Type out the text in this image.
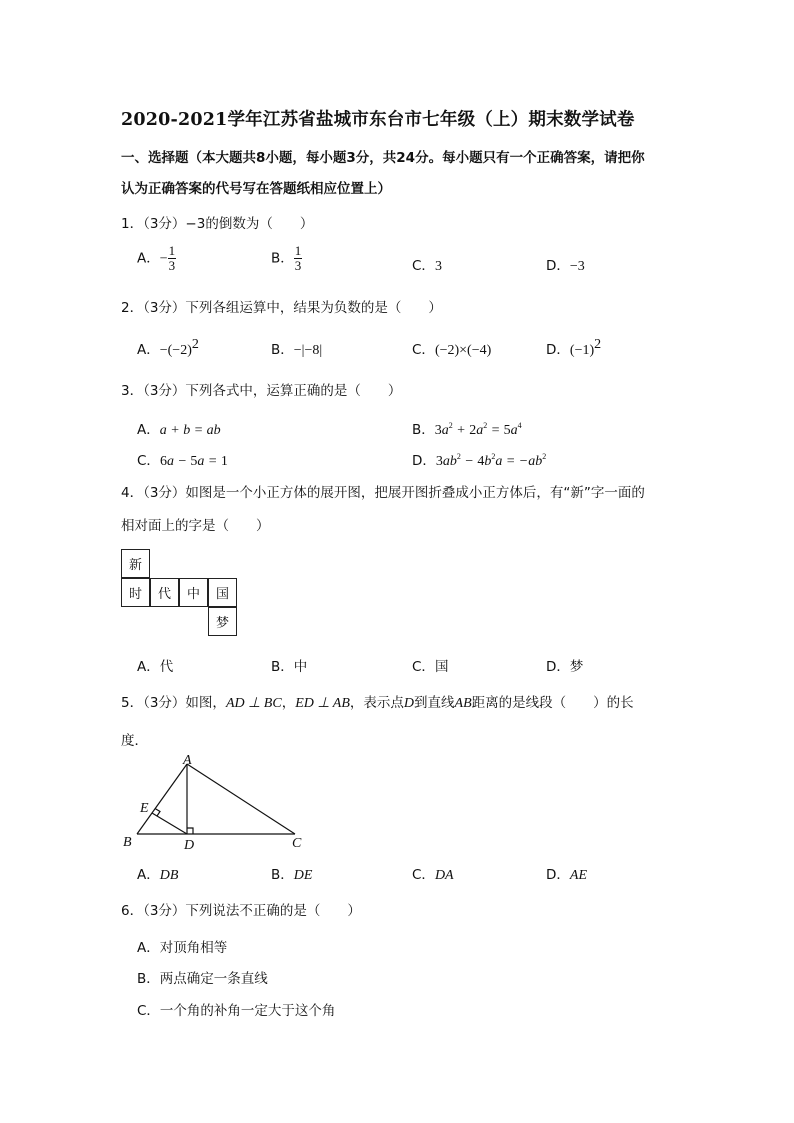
2020-2021学年江苏省盐城市东台市七年级（上）期末数学试卷
一、选择题（本大题共8小题，每小题3分，共24分。每小题只有一个正确答案，请把你
认为正确答案的代号写在答题纸相应位置上）
1．（3分）−3的倒数为（　　）
A．− $\frac{1}{3}$	B． $\frac{1}{3}$	C．3	D．−3
2．（3分）下列各组运算中，结果为负数的是（　　）
A．$-(-2)^2$	B．−|−8|	C．(−2)×(−4)	D．$(-1)^2$
3．（3分）下列各式中，运算正确的是（　　）
A．a + b = ab	B．$3a^2 + 2a^2 = 5a^4$
C．6a − 5a = 1	D．$3ab^2 - 4b^2a = -ab^2$
4．（3分）如图是一个小正方体的展开图，把展开图折叠成小正方体后，有“新”字一面的
相对面上的字是（　　）
新
时	代	中	国
梦
A．代	B．中	C．国	D．梦
5．（3分）如图，AD ⊥ BC，ED ⊥ AB，表示点D到直线AB距离的是线段（　　）的长
度．
A
E
B	D	C
A．DB	B．DE	C．DA	D．AE
6．（3分）下列说法不正确的是（　　）
A．对顶角相等
B．两点确定一条直线
C．一个角的补角一定大于这个角
